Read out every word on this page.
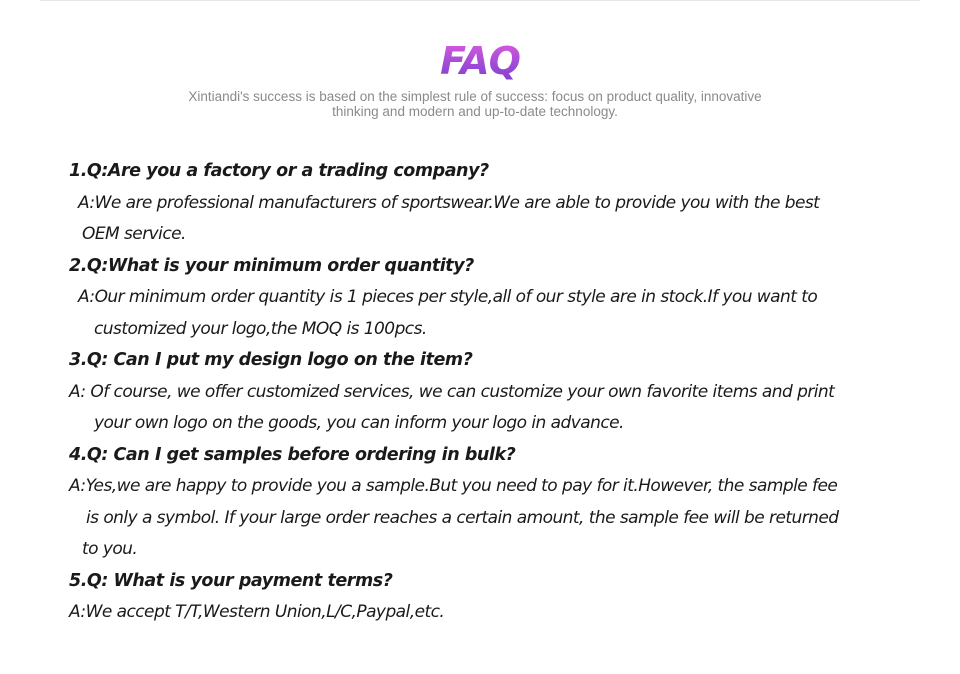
FAQ
Xintiandi's success is based on the simplest rule of success: focus on product quality, innovative
thinking and modern and up-to-date technology.
1.Q:Are you a factory or a trading company?
A:We are professional manufacturers of sportswear.We are able to provide you with the best
OEM service.
2.Q:What is your minimum order quantity?
A:Our minimum order quantity is 1 pieces per style,all of our style are in stock.If you want to
customized your logo,the MOQ is 100pcs.
3.Q: Can I put my design logo on the item?
A: Of course, we offer customized services, we can customize your own favorite items and print
your own logo on the goods, you can inform your logo in advance.
4.Q: Can I get samples before ordering in bulk?
A:Yes,we are happy to provide you a sample.But you need to pay for it.However, the sample fee
is only a symbol. If your large order reaches a certain amount, the sample fee will be returned
to you.
5.Q: What is your payment terms?
A:We accept T/T,Western Union,L/C,Paypal,etc.
